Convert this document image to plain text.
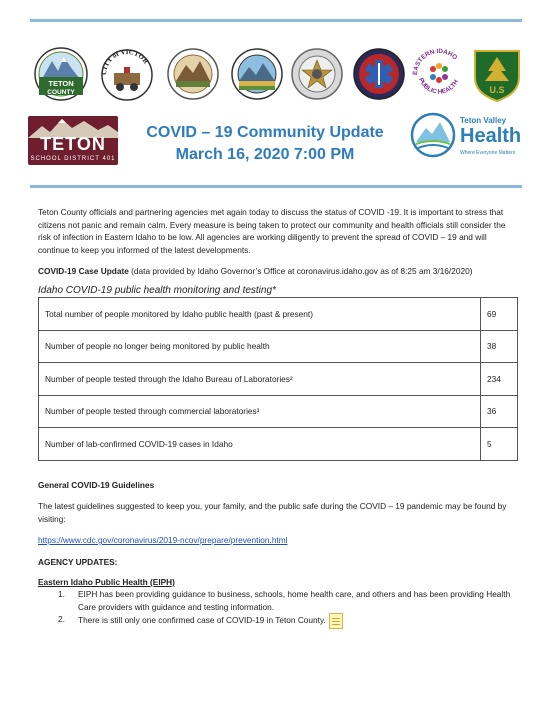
TETON
COUNTY
CITY of VICTOR
EASTERN IDAHO
PUBLIC HEALTH
U.S
TETON
SCHOOL DISTRICT 401
COVID – 19 Community Update
March 16, 2020 7:00 PM
Teton Valley
Health
Where Everyone Matters
Teton County officials and partnering agencies met again today to discuss the status of COVID -19. It is important to stress that citizens not panic and remain calm. Every measure is being taken to protect our community and health officials still consider the risk of infection in Eastern Idaho to be low. All agencies are working diligently to prevent the spread of COVID – 19 and will continue to keep you informed of the latest developments.
COVID-19 Case Update (data provided by Idaho Governor’s Office at coronavirus.idaho.gov as of 8:25 am 3/16/2020)
Idaho COVID-19 public health monitoring and testing*
Total number of people monitored by Idaho public health (past & present)	69
Number of people no longer being monitored by public health	38
Number of people tested through the Idaho Bureau of Laboratories²	234
Number of people tested through commercial laboratories³	36
Number of lab-confirmed COVID-19 cases in Idaho	5
General COVID-19 Guidelines
The latest guidelines suggested to keep you, your family, and the public safe during the COVID – 19 pandemic may be found by visiting:
https://www.cdc.gov/coronavirus/2019-ncov/prepare/prevention.html
AGENCY UPDATES:
Eastern Idaho Public Health (EIPH)
1. EIPH has been providing guidance to business, schools, home health care, and others and has been providing Health Care providers with guidance and testing information.
2. There is still only one confirmed case of COVID-19 in Teton County.
